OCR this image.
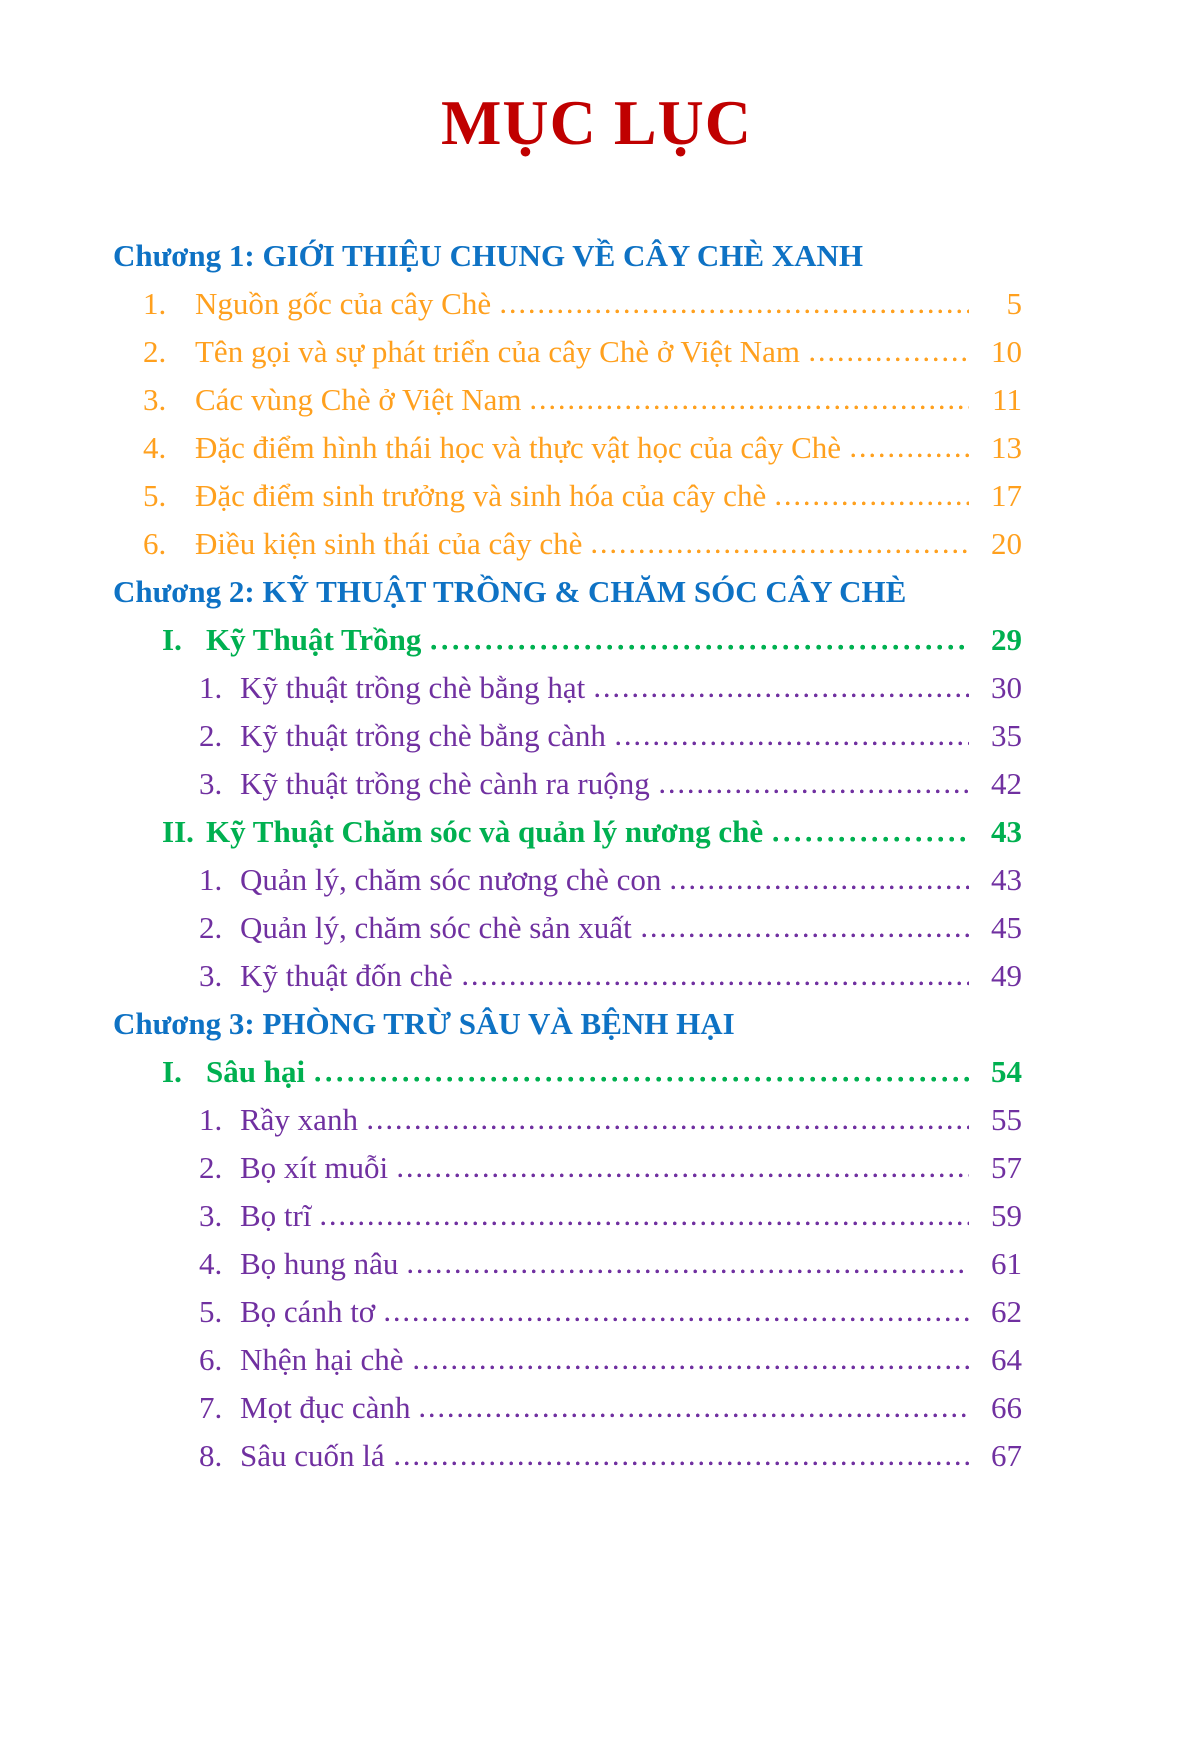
MỤC LỤC
Chương 1: GIỚI THIỆU CHUNG VỀ CÂY CHÈ XANH
1. Nguồn gốc của cây Chè	5
2. Tên gọi và sự phát triển của cây Chè ở Việt Nam	10
3. Các vùng Chè ở Việt Nam	11
4. Đặc điểm hình thái học và thực vật học của cây Chè	13
5. Đặc điểm sinh trưởng và sinh hóa của cây chè	17
6. Điều kiện sinh thái của cây chè	20
Chương 2: KỸ THUẬT TRỒNG & CHĂM SÓC CÂY CHÈ
I. Kỹ Thuật Trồng	29
1. Kỹ thuật trồng chè bằng hạt	30
2. Kỹ thuật trồng chè bằng cành	35
3. Kỹ thuật trồng chè cành ra ruộng	42
II. Kỹ Thuật Chăm sóc và quản lý nương chè	43
1. Quản lý, chăm sóc nương chè con	43
2. Quản lý, chăm sóc chè sản xuất	45
3. Kỹ thuật đốn chè	49
Chương 3: PHÒNG TRỪ SÂU VÀ BỆNH HẠI
I. Sâu hại	54
1. Rầy xanh	55
2. Bọ xít muỗi	57
3. Bọ trĩ	59
4. Bọ hung nâu	61
5. Bọ cánh tơ	62
6. Nhện hại chè	64
7. Mọt đục cành	66
8. Sâu cuốn lá	67
